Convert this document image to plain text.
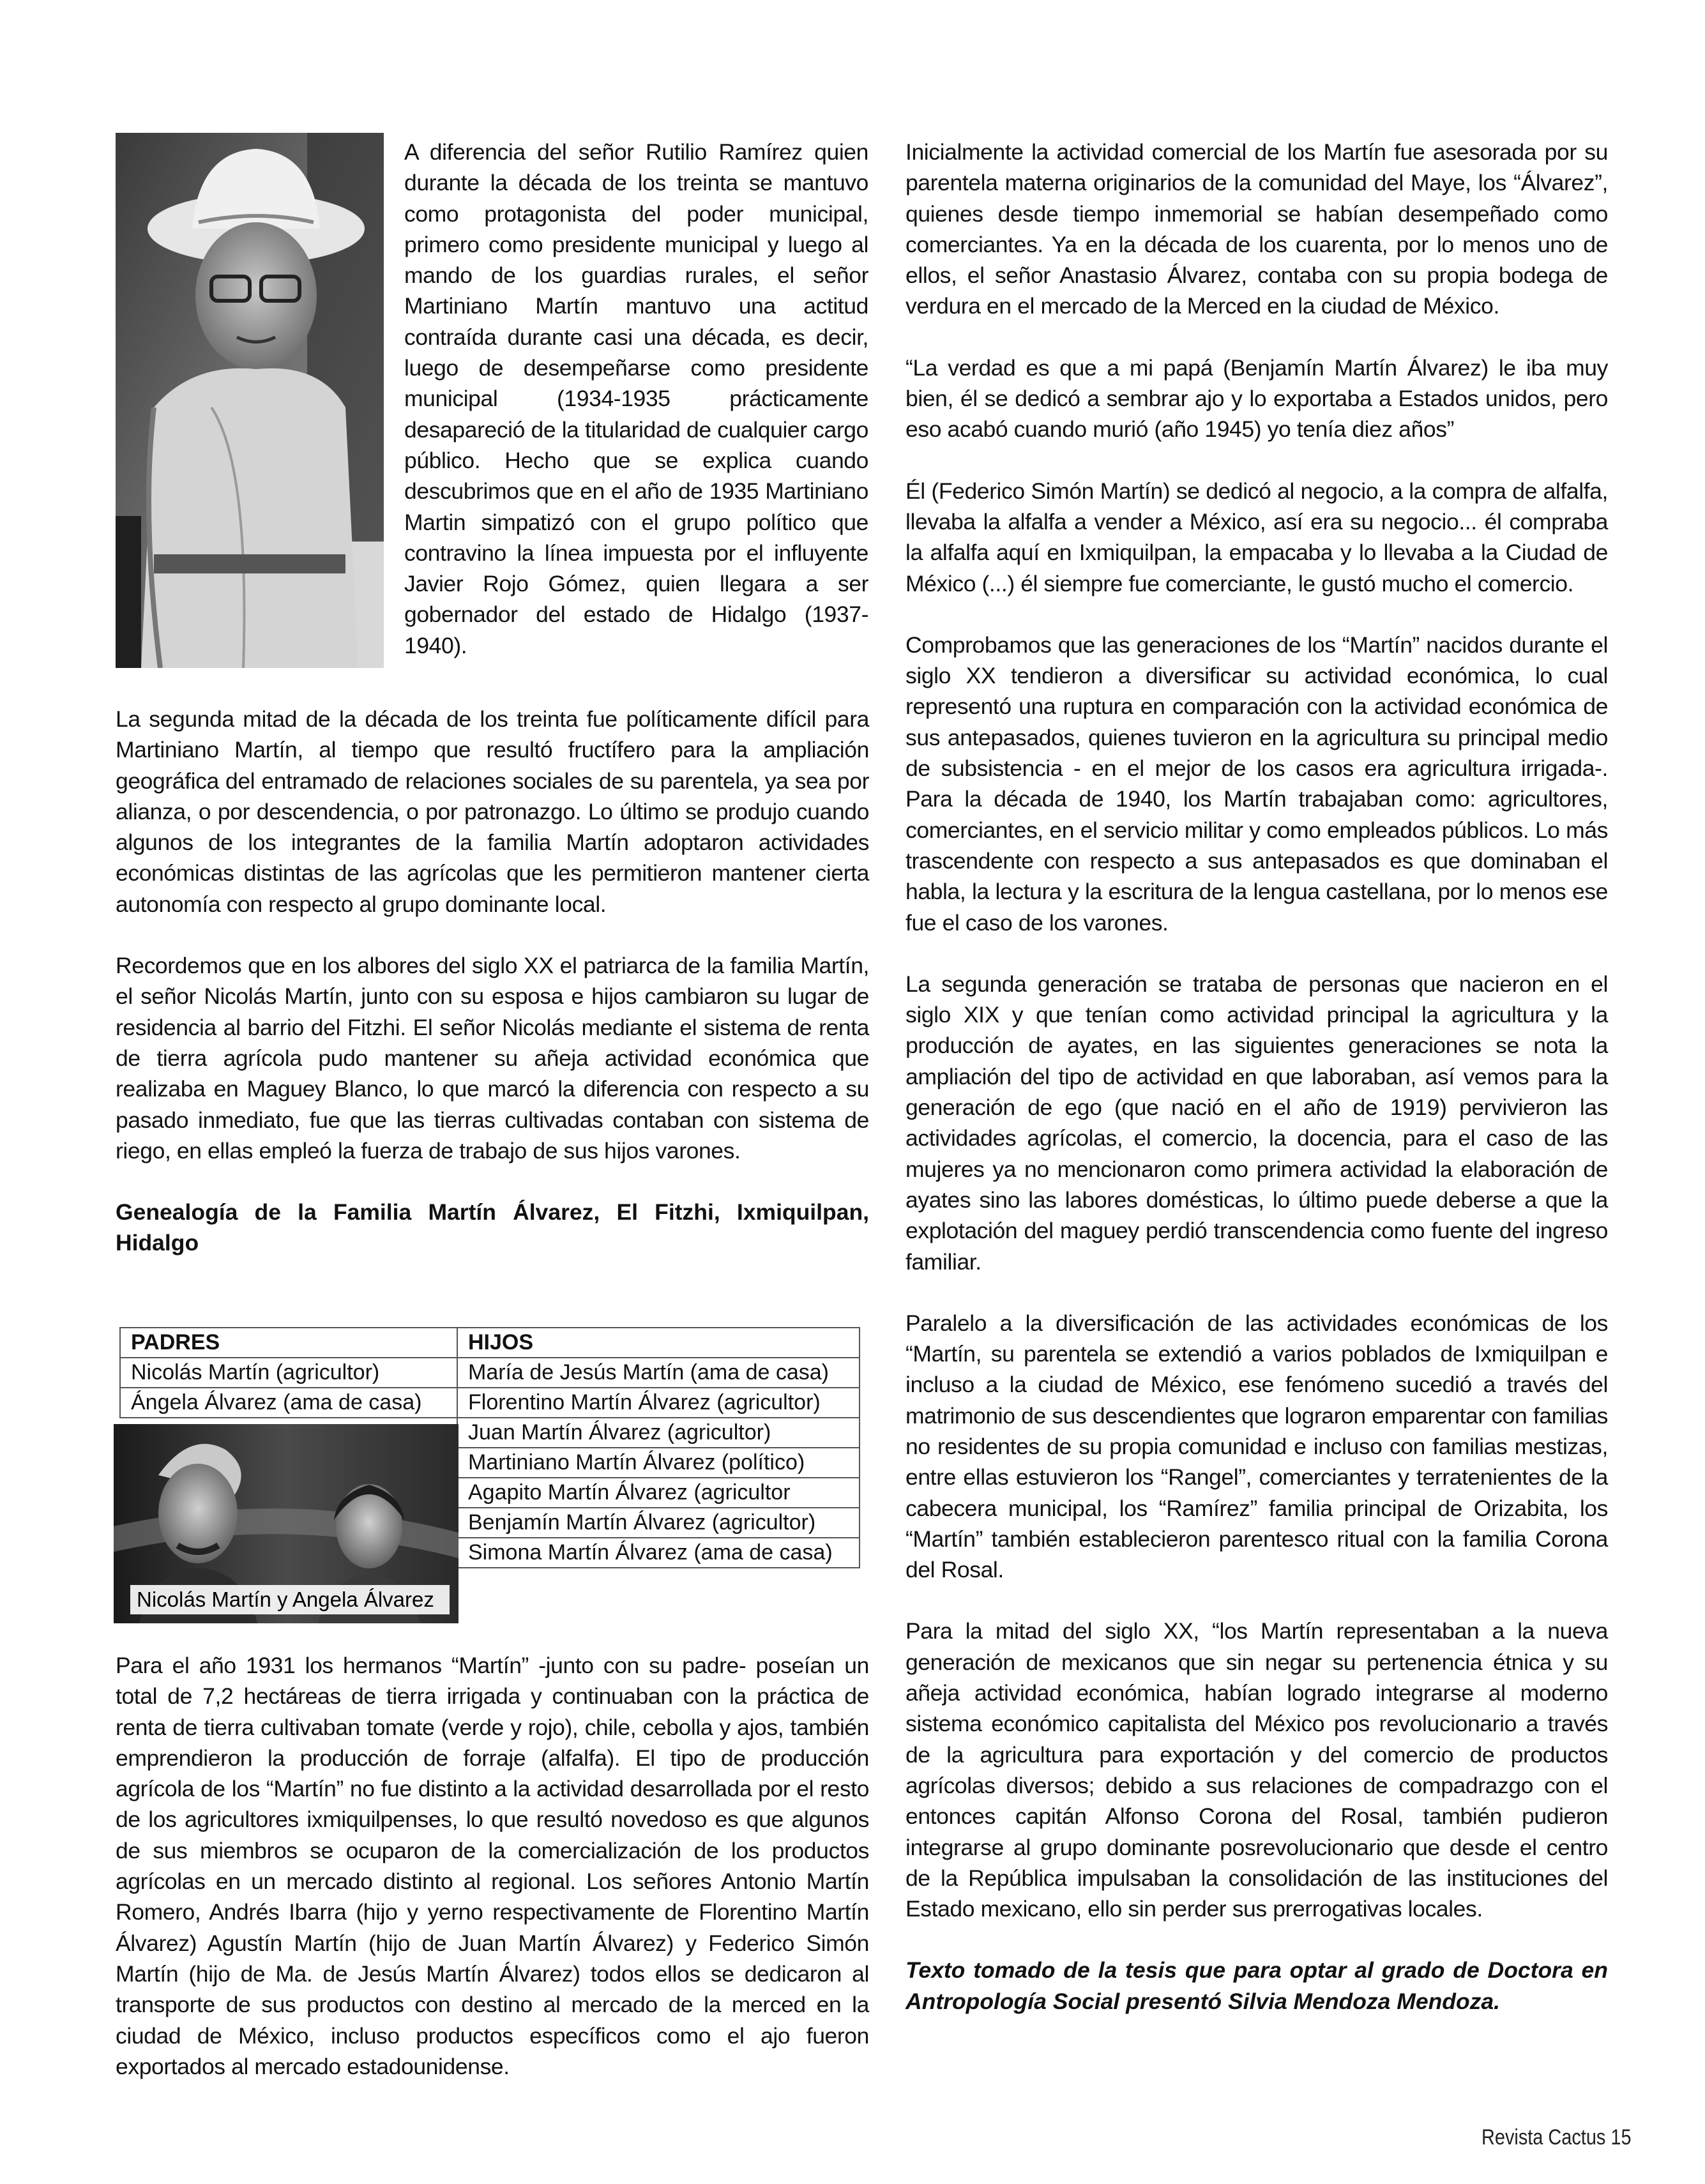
A diferencia del señor Rutilio Ramírez quien durante la década de los treinta se mantuvo como protagonista del poder municipal, primero como presidente municipal y luego al mando de los guardias rurales, el señor Martiniano Martín mantuvo una actitud contraída durante casi una década, es decir, luego de desempeñarse como presidente municipal (1934-1935 prácticamente desapareció de la titularidad de cualquier cargo público. Hecho que se explica cuando descubrimos que en el año de 1935 Martiniano Martin simpatizó con el grupo político que contravino la línea impuesta por el influyente Javier Rojo Gómez, quien llegara a ser gobernador del estado de Hidalgo (1937-1940).

La segunda mitad de la década de los treinta fue políticamente difícil para Martiniano Martín, al tiempo que resultó fructífero para la ampliación geográfica del entramado de relaciones sociales de su parentela, ya sea por alianza, o por descendencia, o por patronazgo. Lo último se produjo cuando algunos de los integrantes de la familia Martín adoptaron actividades económicas distintas de las agrícolas que les permitieron mantener cierta autonomía con respecto al grupo dominante local.

Recordemos que en los albores del siglo XX el patriarca de la familia Martín, el señor Nicolás Martín, junto con su esposa e hijos cambiaron su lugar de residencia al barrio del Fitzhi. El señor Nicolás mediante el sistema de renta de tierra agrícola pudo mantener su añeja actividad económica que realizaba en Maguey Blanco, lo que marcó la diferencia con respecto a su pasado inmediato, fue que las tierras cultivadas contaban con sistema de riego, en ellas empleó la fuerza de trabajo de sus hijos varones.

Genealogía de la Familia Martín Álvarez, El Fitzhi, Ixmiquilpan, Hidalgo

PADRES	HIJOS
Nicolás Martín (agricultor)	María de Jesús Martín (ama de casa)
Ángela Álvarez (ama de casa)	Florentino Martín Álvarez (agricultor)
	Juan Martín Álvarez (agricultor)
	Martiniano Martín Álvarez (político)
	Agapito Martín Álvarez (agricultor
	Benjamín Martín Álvarez (agricultor)
	Simona Martín Álvarez (ama de casa)
Nicolás Martín y Angela Álvarez

Para el año 1931 los hermanos “Martín” -junto con su padre- poseían un total de 7,2 hectáreas de tierra irrigada y continuaban con la práctica de renta de tierra cultivaban tomate (verde y rojo), chile, cebolla y ajos, también emprendieron la producción de forraje (alfalfa). El tipo de producción agrícola de los “Martín” no fue distinto a la actividad desarrollada por el resto de los agricultores ixmiquilpenses, lo que resultó novedoso es que algunos de sus miembros se ocuparon de la comercialización de los productos agrícolas en un mercado distinto al regional. Los señores Antonio Martín Romero, Andrés Ibarra (hijo y yerno respectivamente de Florentino Martín Álvarez) Agustín Martín (hijo de Juan Martín Álvarez) y Federico Simón Martín (hijo de Ma. de Jesús Martín Álvarez) todos ellos se dedicaron al transporte de sus productos con destino al mercado de la merced en la ciudad de México, incluso productos específicos como el ajo fueron exportados al mercado estadounidense.

Inicialmente la actividad comercial de los Martín fue asesorada por su parentela materna originarios de la comunidad del Maye, los “Álvarez”, quienes desde tiempo inmemorial se habían desempeñado como comerciantes. Ya en la década de los cuarenta, por lo menos uno de ellos, el señor Anastasio Álvarez, contaba con su propia bodega de verdura en el mercado de la Merced en la ciudad de México.

“La verdad es que a mi papá (Benjamín Martín Álvarez) le iba muy bien, él se dedicó a sembrar ajo y lo exportaba a Estados unidos, pero eso acabó cuando murió (año 1945) yo tenía diez años”

Él (Federico Simón Martín) se dedicó al negocio, a la compra de alfalfa, llevaba la alfalfa a vender a México, así era su negocio... él compraba la alfalfa aquí en Ixmiquilpan, la empacaba y lo llevaba a la Ciudad de México (...) él siempre fue comerciante, le gustó mucho el comercio.

Comprobamos que las generaciones de los “Martín” nacidos durante el siglo XX tendieron a diversificar su actividad económica, lo cual representó una ruptura en comparación con la actividad económica de sus antepasados, quienes tuvieron en la agricultura su principal medio de subsistencia - en el mejor de los casos era agricultura irrigada-. Para la década de 1940, los Martín trabajaban como: agricultores, comerciantes, en el servicio militar y como empleados públicos. Lo más trascendente con respecto a sus antepasados es que dominaban el habla, la lectura y la escritura de la lengua castellana, por lo menos ese fue el caso de los varones.

La segunda generación se trataba de personas que nacieron en el siglo XIX y que tenían como actividad principal la agricultura y la producción de ayates, en las siguientes generaciones se nota la ampliación del tipo de actividad en que laboraban, así vemos para la generación de ego (que nació en el año de 1919) pervivieron las actividades agrícolas, el comercio, la docencia, para el caso de las mujeres ya no mencionaron como primera actividad la elaboración de ayates sino las labores domésticas, lo último puede deberse a que la explotación del maguey perdió transcendencia como fuente del ingreso familiar.

Paralelo a la diversificación de las actividades económicas de los “Martín, su parentela se extendió a varios poblados de Ixmiquilpan e incluso a la ciudad de México, ese fenómeno sucedió a través del matrimonio de sus descendientes que lograron emparentar con familias no residentes de su propia comunidad e incluso con familias mestizas, entre ellas estuvieron los “Rangel”, comerciantes y terratenientes de la cabecera municipal, los “Ramírez” familia principal de Orizabita, los “Martín” también establecieron parentesco ritual con la familia Corona del Rosal.

Para la mitad del siglo XX, “los Martín representaban a la nueva generación de mexicanos que sin negar su pertenencia étnica y su añeja actividad económica, habían logrado integrarse al moderno sistema económico capitalista del México pos revolucionario a través de la agricultura para exportación y del comercio de productos agrícolas diversos; debido a sus relaciones de compadrazgo con el entonces capitán Alfonso Corona del Rosal, también pudieron integrarse al grupo dominante posrevolucionario que desde el centro de la República impulsaban la consolidación de las instituciones del Estado mexicano, ello sin perder sus prerrogativas locales.

Texto tomado de la tesis que para optar al grado de Doctora en Antropología Social presentó Silvia Mendoza Mendoza.

Revista Cactus 15
